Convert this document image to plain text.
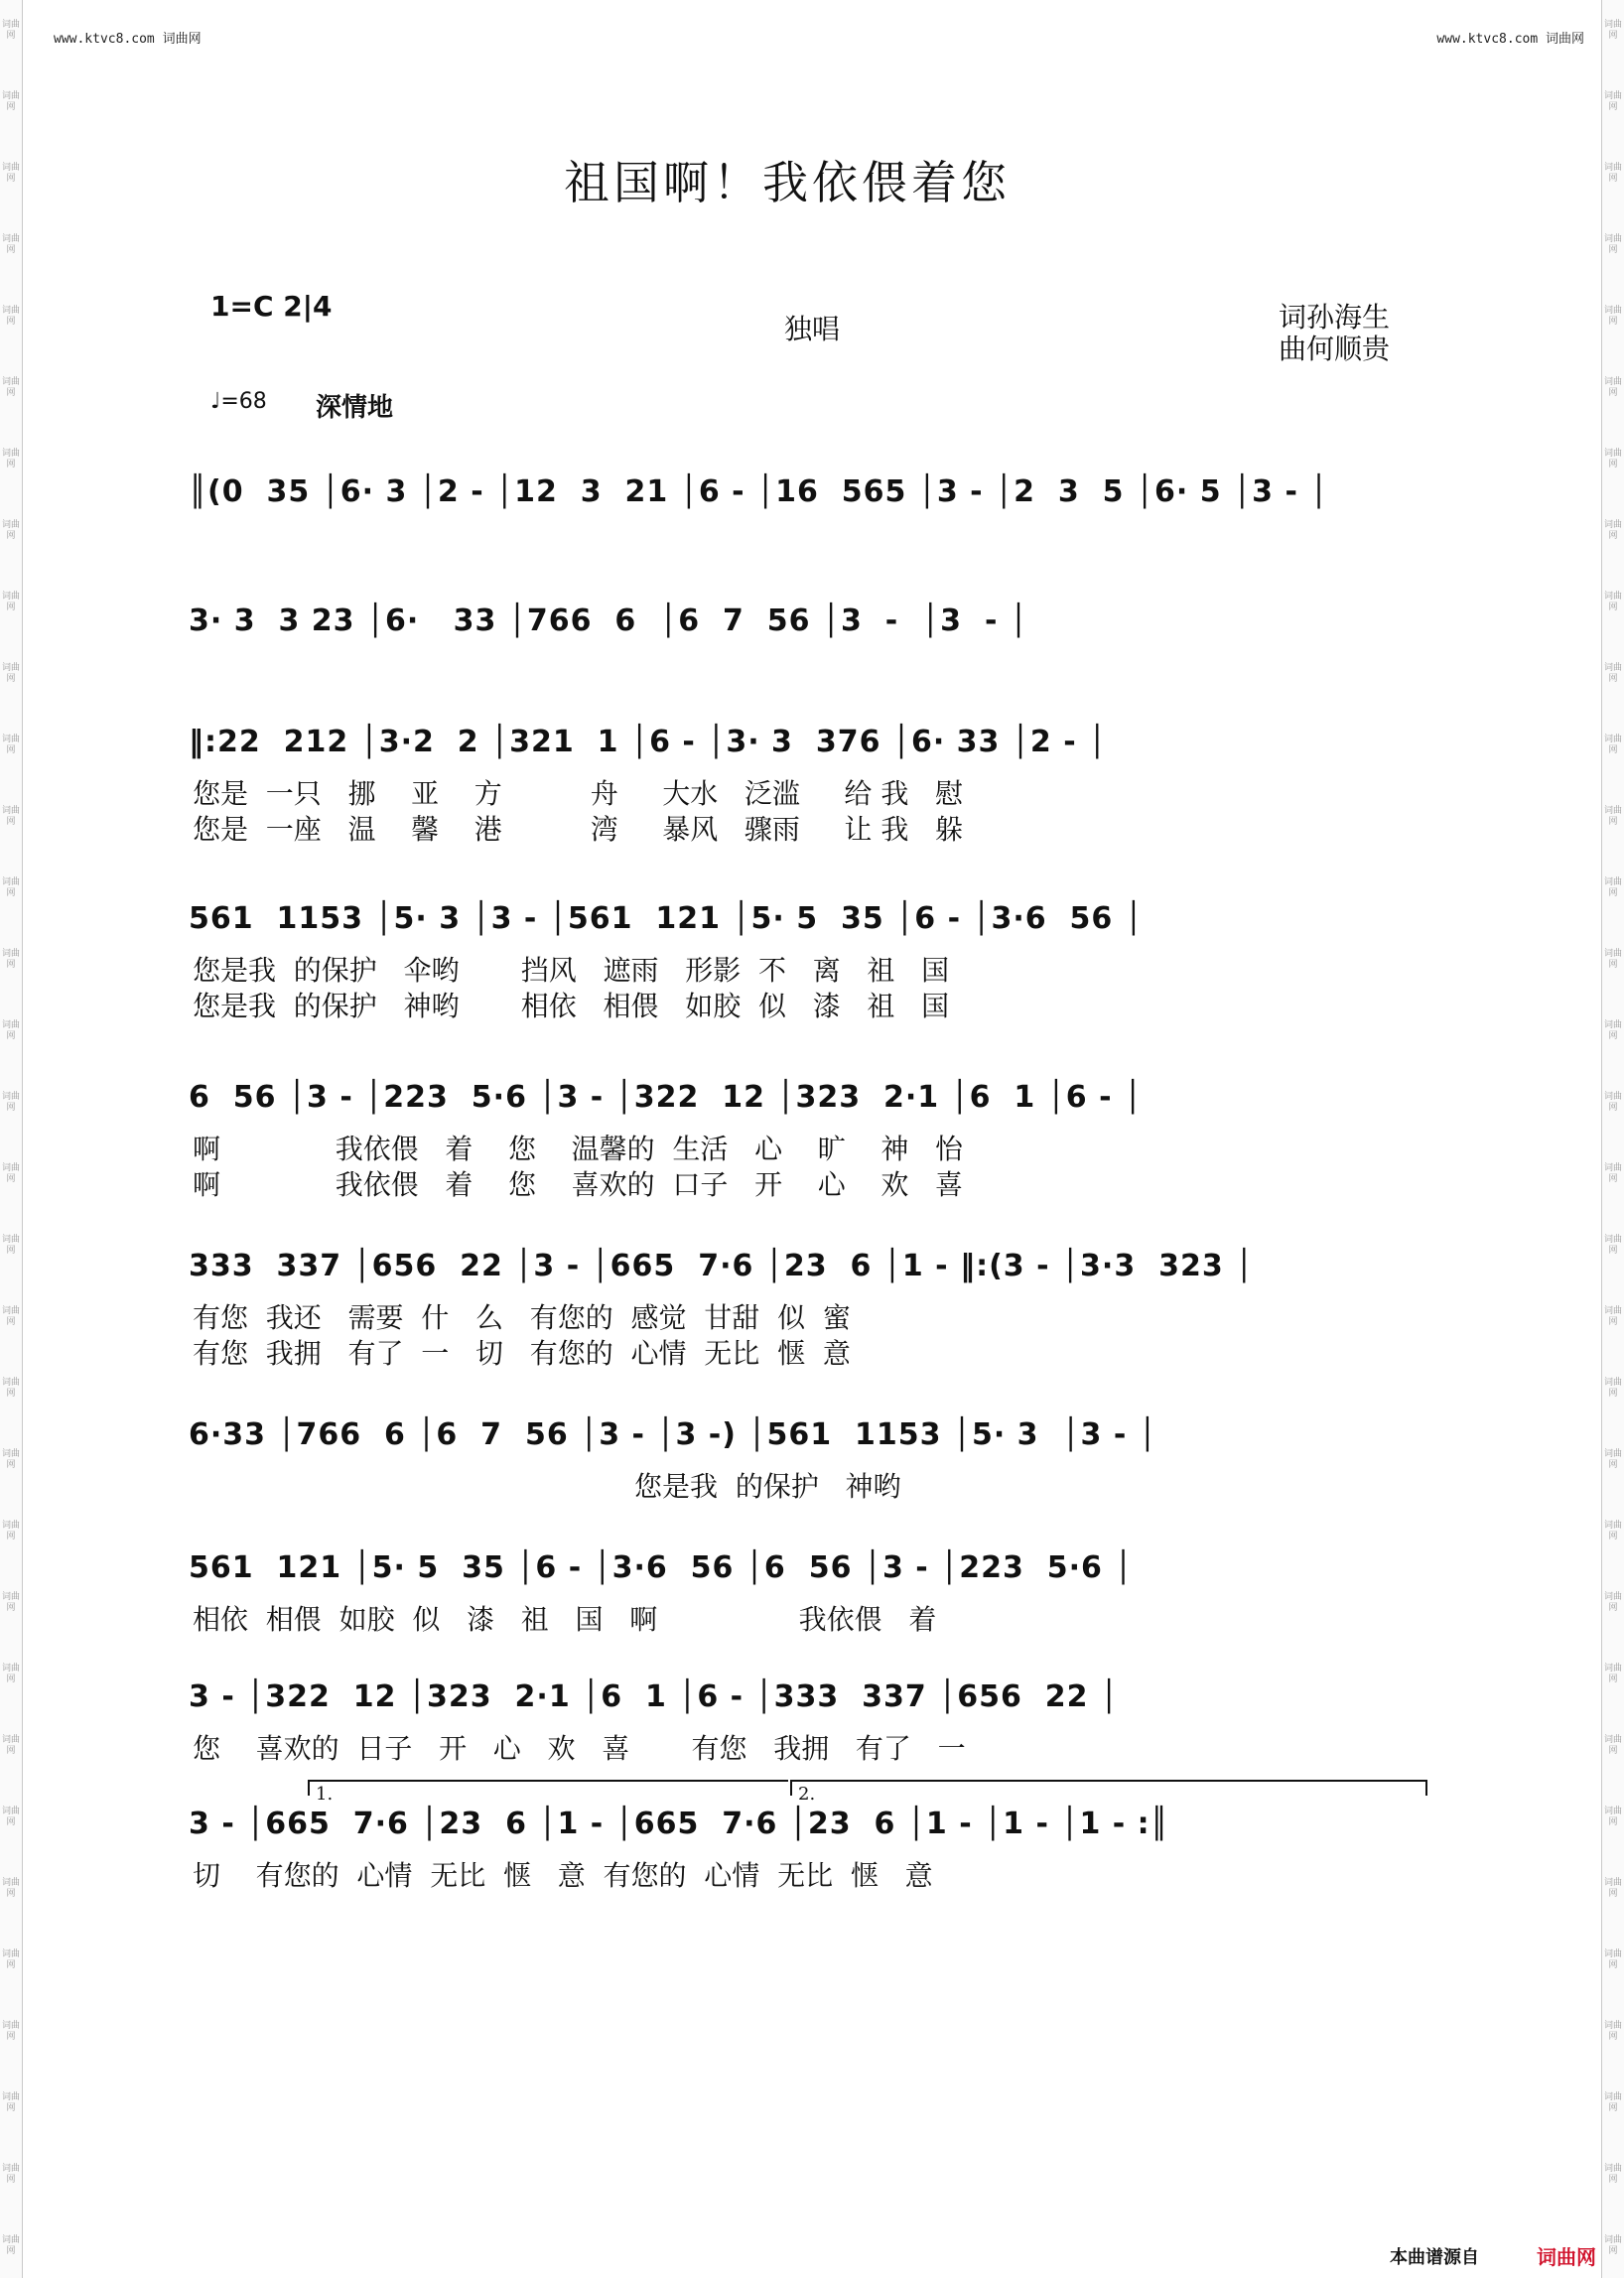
词曲网
词曲网
词曲网
词曲网
词曲网
词曲网
词曲网
词曲网
词曲网
词曲网
词曲网
词曲网
词曲网
词曲网
词曲网
词曲网
词曲网
词曲网
词曲网
词曲网
词曲网
词曲网
词曲网
词曲网
词曲网
词曲网
词曲网
词曲网
词曲网
词曲网
词曲网
词曲网
词曲网
词曲网
词曲网
词曲网
词曲网
词曲网
词曲网
词曲网
词曲网
词曲网
词曲网
词曲网
词曲网
词曲网
词曲网
词曲网
词曲网
词曲网
词曲网
词曲网
词曲网
词曲网
词曲网
词曲网
词曲网
词曲网
词曲网
词曲网
词曲网
词曲网
词曲网
词曲网
www.ktvc8.com 词曲网	www.ktvc8.com 词曲网
祖国啊！我依偎着您
1=C 2|4
独唱	词孙海生
曲何顺贵
♩=68 深情地
║(0  35 │6· 3 │2 - │12  3  21 │6 - │16  565 │3 - │2  3  5 │6· 5 │3 - │
3· 3  3 23 │6·   33 │766  6  │6  7  56 │3  -  │3  - │
‖:22  212 │3·2  2 │321  1 │6 - │3· 3  376 │6· 33 │2 - │
您是  一只   挪    亚    方          舟     大水   泛滥     给 我   慰
您是  一座   温    馨    港          湾     暴风   骤雨     让 我   躲
561  1153 │5· 3 │3 - │561  121 │5· 5  35 │6 - │3·6  56 │
您是我  的保护   伞哟       挡风   遮雨   形影  不   离   祖   国
您是我  的保护   神哟       相依   相偎   如胶  似   漆   祖   国
6  56 │3 - │223  5·6 │3 - │322  12 │323  2·1 │6  1 │6 - │
啊             我依偎   着    您    温馨的  生活   心    旷    神   怡
啊             我依偎   着    您    喜欢的  口子   开    心    欢   喜
333  337 │656  22 │3 - │665  7·6 │23  6 │1 - ‖:(3 - │3·3  323 │
有您  我还   需要  什   么   有您的  感觉  甘甜  似  蜜
有您  我拥   有了  一   切   有您的  心情  无比  惬  意
6·33 │766  6 │6  7  56 │3 - │3 -) │561  1153 │5· 3  │3 - │
您是我  的保护   神哟
561  121 │5· 5  35 │6 - │3·6  56 │6  56 │3 - │223  5·6 │
相依  相偎  如胶  似   漆   祖   国   啊                我依偎   着
3 - │322  12 │323  2·1 │6  1 │6 - │333  337 │656  22 │
您    喜欢的  日子   开   心   欢   喜       有您   我拥   有了   一
3 - │665  7·6 │23  6 │1 - │665  7·6 │23  6 │1 - │1 - │1 - :║
切    有您的  心情  无比  惬   意  有您的  心情  无比  惬   意
1.	2.
本曲谱源自	词曲网
